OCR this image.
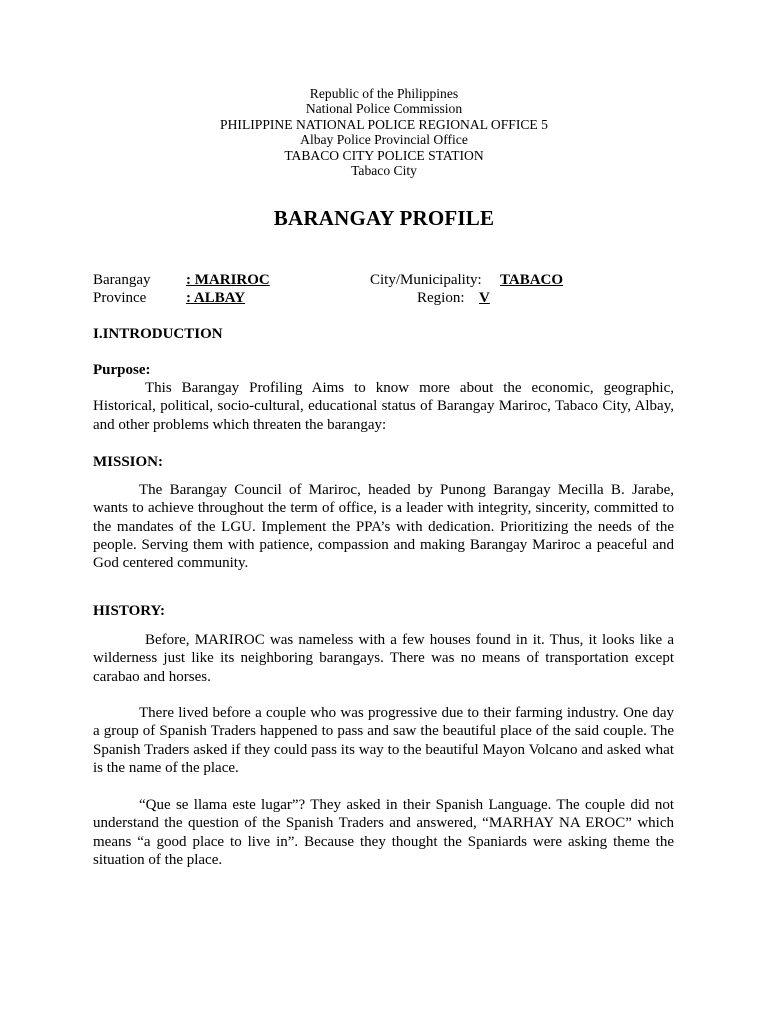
Republic of the Philippines
National Police Commission
PHILIPPINE NATIONAL POLICE REGIONAL OFFICE 5
Albay Police Provincial Office
TABACO CITY POLICE STATION
Tabaco City
BARANGAY PROFILE
Barangay : MARIROC	City/Municipality: TABACO
Province	: ALBAY	Region: V
I.INTRODUCTION
Purpose:
This Barangay Profiling Aims to know more about the economic, geographic, Historical, political, socio-cultural, educational status of Barangay Mariroc, Tabaco City, Albay, and other problems which threaten the barangay:
MISSION:
The Barangay Council of Mariroc, headed by Punong Barangay Mecilla B. Jarabe, wants to achieve throughout the term of office, is a leader with integrity, sincerity, committed to the mandates of the LGU. Implement the PPA’s with dedication. Prioritizing the needs of the people. Serving them with patience, compassion and making Barangay Mariroc a peaceful and God centered community.
HISTORY:
Before, MARIROC was nameless with a few houses found in it. Thus, it looks like a wilderness just like its neighboring barangays. There was no means of transportation except carabao and horses.
There lived before a couple who was progressive due to their farming industry. One day a group of Spanish Traders happened to pass and saw the beautiful place of the said couple. The Spanish Traders asked if they could pass its way to the beautiful Mayon Volcano and asked what is the name of the place.
“Que se llama este lugar”? They asked in their Spanish Language. The couple did not understand the question of the Spanish Traders and answered, “MARHAY NA EROC” which means “a good place to live in”. Because they thought the Spaniards were asking theme the situation of the place.
